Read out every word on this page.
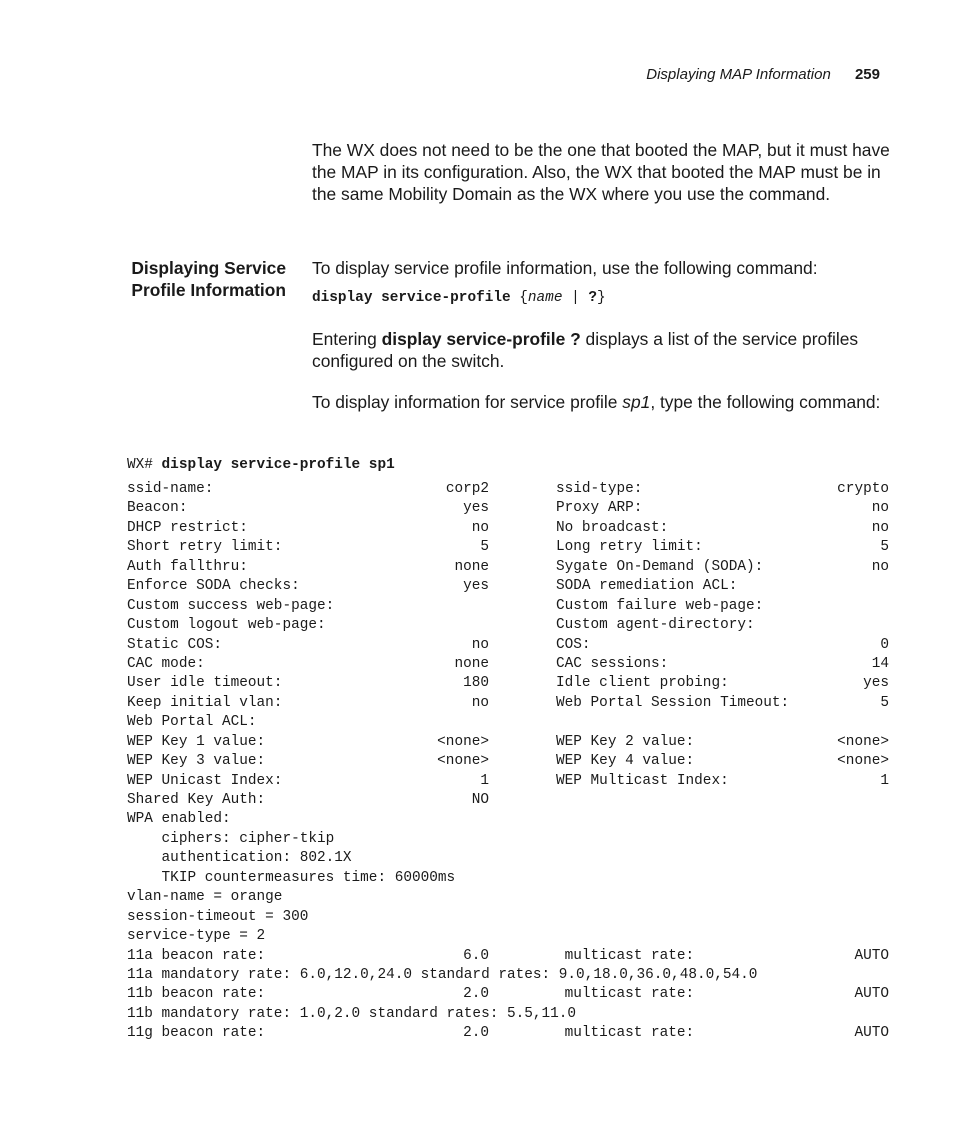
Displaying MAP Information 259

The WX does not need to be the one that booted the MAP, but it must have the MAP in its configuration. Also, the WX that booted the MAP must be in the same Mobility Domain as the WX where you use the command.

Displaying Service
Profile Information

To display service profile information, use the following command:

display service-profile {name | ?}

Entering display service-profile ? displays a list of the service profiles configured on the switch.

To display information for service profile sp1, type the following command:

WX# display service-profile sp1
ssid-name:	corp2	ssid-type:	crypto
Beacon:	yes	Proxy ARP:	no
DHCP restrict:	no	No broadcast:	no
Short retry limit:	5	Long retry limit:	5
Auth fallthru:	none	Sygate On-Demand (SODA):	no
Enforce SODA checks:	yes	SODA remediation ACL:
Custom success web-page:	Custom failure web-page:
Custom logout web-page:	Custom agent-directory:
Static COS:	no	COS:	0
CAC mode:	none	CAC sessions:	14
User idle timeout:	180	Idle client probing:	yes
Keep initial vlan:	no	Web Portal Session Timeout:	5
Web Portal ACL:
WEP Key 1 value:	<none>	WEP Key 2 value:	<none>
WEP Key 3 value:	<none>	WEP Key 4 value:	<none>
WEP Unicast Index:	1	WEP Multicast Index:	1
Shared Key Auth:	NO
WPA enabled:
ciphers: cipher-tkip
authentication: 802.1X
TKIP countermeasures time: 60000ms
vlan-name = orange
session-timeout = 300
service-type = 2
11a beacon rate:	6.0	multicast rate:	AUTO
11a mandatory rate: 6.0,12.0,24.0 standard rates: 9.0,18.0,36.0,48.0,54.0
11b beacon rate:	2.0	multicast rate:	AUTO
11b mandatory rate: 1.0,2.0 standard rates: 5.5,11.0
11g beacon rate:	2.0	multicast rate:	AUTO
